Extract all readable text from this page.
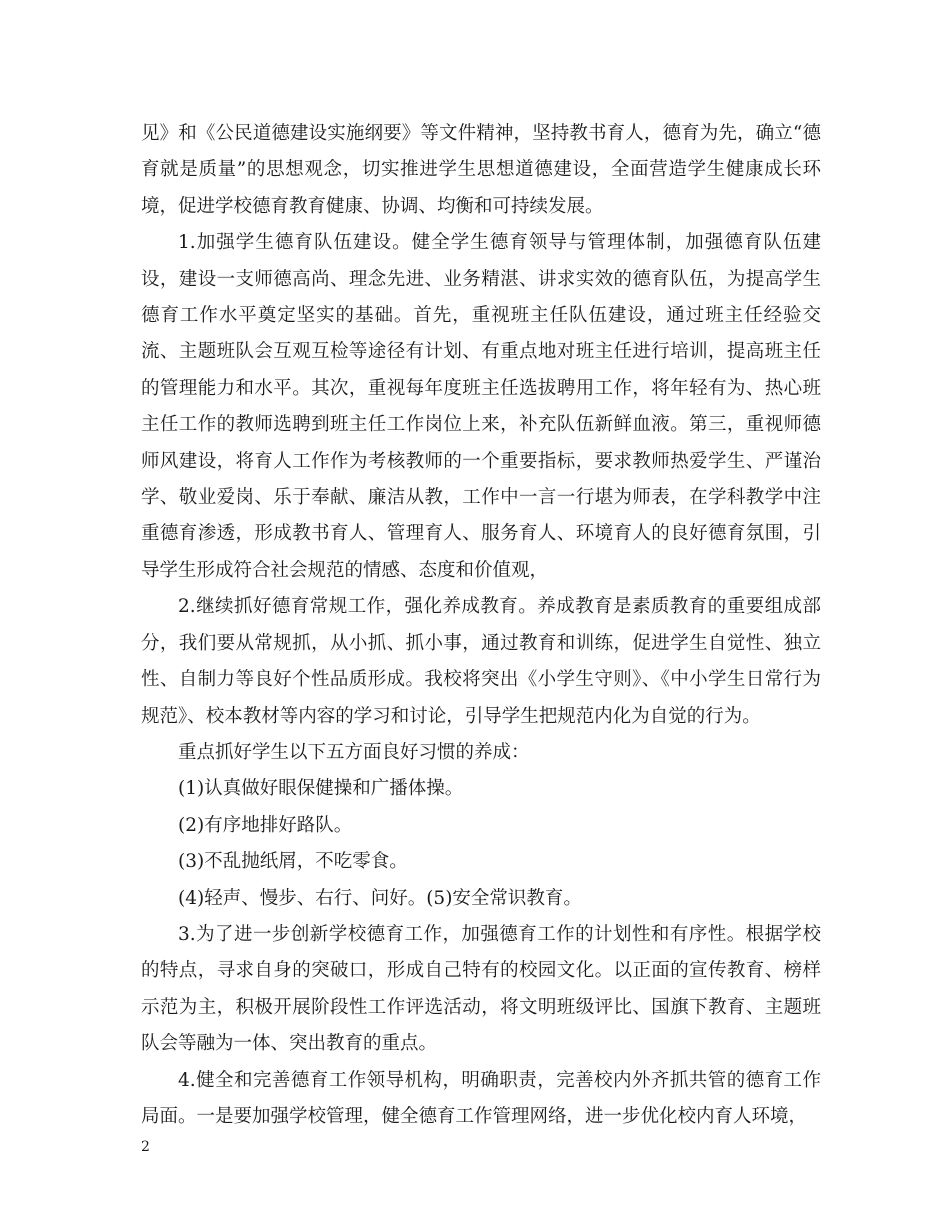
见》和《公民道德建设实施纲要》等文件精神，坚持教书育人，德育为先，确立“德育就是质量”的思想观念，切实推进学生思想道德建设，全面营造学生健康成长环境，促进学校德育教育健康、协调、均衡和可持续发展。

1.加强学生德育队伍建设。健全学生德育领导与管理体制，加强德育队伍建设，建设一支师德高尚、理念先进、业务精湛、讲求实效的德育队伍，为提高学生德育工作水平奠定坚实的基础。首先，重视班主任队伍建设，通过班主任经验交流、主题班队会互观互检等途径有计划、有重点地对班主任进行培训，提高班主任的管理能力和水平。其次，重视每年度班主任选拔聘用工作，将年轻有为、热心班主任工作的教师选聘到班主任工作岗位上来，补充队伍新鲜血液。第三，重视师德师风建设，将育人工作作为考核教师的一个重要指标，要求教师热爱学生、严谨治学、敬业爱岗、乐于奉献、廉洁从教，工作中一言一行堪为师表，在学科教学中注重德育渗透，形成教书育人、管理育人、服务育人、环境育人的良好德育氛围，引导学生形成符合社会规范的情感、态度和价值观，

2.继续抓好德育常规工作，强化养成教育。养成教育是素质教育的重要组成部分，我们要从常规抓，从小抓、抓小事，通过教育和训练，促进学生自觉性、独立性、自制力等良好个性品质形成。我校将突出《小学生守则》、《中小学生日常行为规范》、校本教材等内容的学习和讨论，引导学生把规范内化为自觉的行为。

重点抓好学生以下五方面良好习惯的养成：

(1)认真做好眼保健操和广播体操。

(2)有序地排好路队。

(3)不乱抛纸屑，不吃零食。

(4)轻声、慢步、右行、问好。(5)安全常识教育。

3.为了进一步创新学校德育工作，加强德育工作的计划性和有序性。根据学校的特点，寻求自身的突破口，形成自己特有的校园文化。以正面的宣传教育、榜样示范为主，积极开展阶段性工作评选活动，将文明班级评比、国旗下教育、主题班队会等融为一体、突出教育的重点。

4.健全和完善德育工作领导机构，明确职责，完善校内外齐抓共管的德育工作局面。一是要加强学校管理，健全德育工作管理网络，进一步优化校内育人环境，

2
